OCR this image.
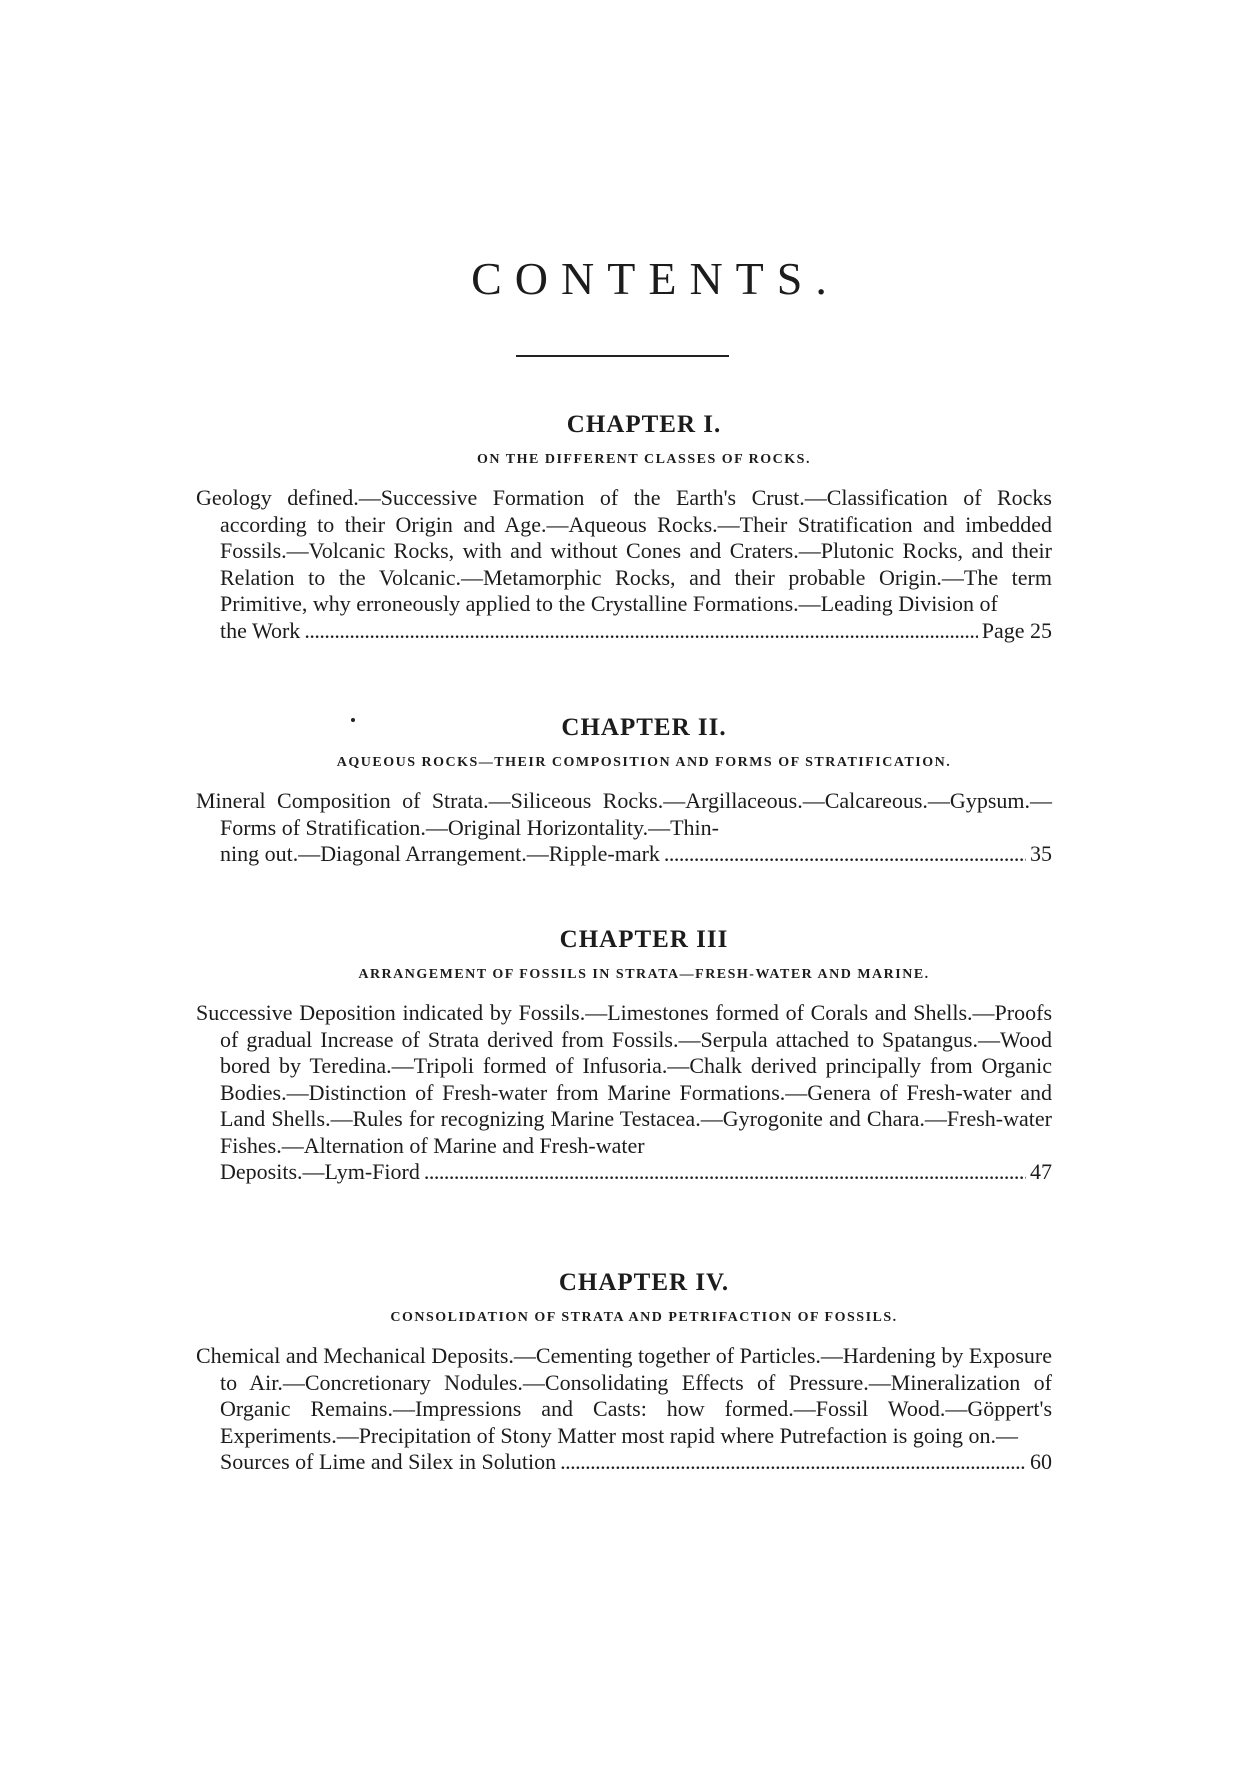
CONTENTS.
CHAPTER I.
ON THE DIFFERENT CLASSES OF ROCKS.
Geology defined.—Successive Formation of the Earth's Crust.—Classification of Rocks according to their Origin and Age.—Aqueous Rocks.—Their Stratification and imbedded Fossils.—Volcanic Rocks, with and without Cones and Craters.—Plutonic Rocks, and their Relation to the Volcanic.—Metamorphic Rocks, and their probable Origin.—The term Primitive, why erroneously applied to the Crystalline Formations.—Leading Division of
the Work . . .	Page 25
CHAPTER II.
AQUEOUS ROCKS—THEIR COMPOSITION AND FORMS OF STRATIFICATION.
Mineral Composition of Strata.—Siliceous Rocks.—Argillaceous.—Calcareous.—Gypsum.—Forms of Stratification.—Original Horizontality.—Thin-
ning out.—Diagonal Arrangement.—Ripple-mark . . .	35
CHAPTER III
ARRANGEMENT OF FOSSILS IN STRATA—FRESH-WATER AND MARINE.
Successive Deposition indicated by Fossils.—Limestones formed of Corals and Shells.—Proofs of gradual Increase of Strata derived from Fossils.—Serpula attached to Spatangus.—Wood bored by Teredina.—Tripoli formed of Infusoria.—Chalk derived principally from Organic Bodies.—Distinction of Fresh-water from Marine Formations.—Genera of Fresh-water and Land Shells.—Rules for recognizing Marine Testacea.—Gyrogonite and Chara.—Fresh-water Fishes.—Alternation of Marine and Fresh-water
Deposits.—Lym-Fiord . . .	47
CHAPTER IV.
CONSOLIDATION OF STRATA AND PETRIFACTION OF FOSSILS.
Chemical and Mechanical Deposits.—Cementing together of Particles.—Hardening by Exposure to Air.—Concretionary Nodules.—Consolidating Effects of Pressure.—Mineralization of Organic Remains.—Impressions and Casts: how formed.—Fossil Wood.—Göppert's Experiments.—Precipitation of Stony Matter most rapid where Putrefaction is going on.—
Sources of Lime and Silex in Solution . . .	60
